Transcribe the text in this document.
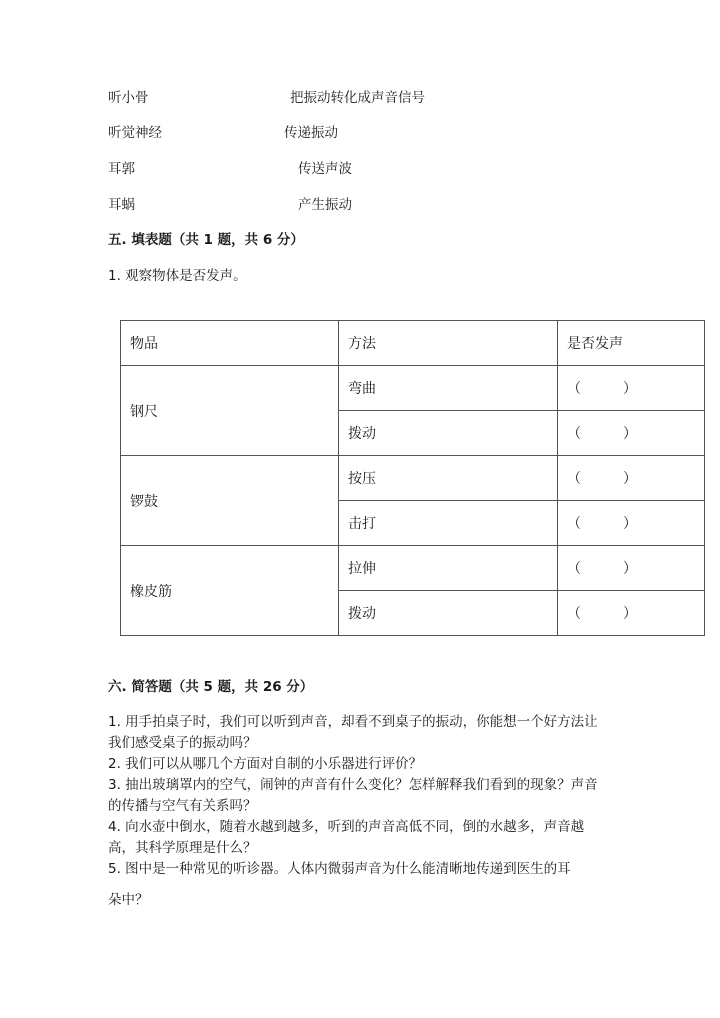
听小骨	把振动转化成声音信号
听觉神经	传递振动
耳郭	传送声波
耳蜗	产生振动
五. 填表题（共 1 题，共 6 分）
1. 观察物体是否发声。
物品	方法	是否发声
钢尺	弯曲	（　　　）
	拨动	（　　　）
锣鼓	按压	（　　　）
	击打	（　　　）
橡皮筋	拉伸	（　　　）
	拨动	（　　　）
六. 简答题（共 5 题，共 26 分）
1. 用手拍桌子时，我们可以听到声音，却看不到桌子的振动，你能想一个好方法让我们感受桌子的振动吗？
2. 我们可以从哪几个方面对自制的小乐器进行评价？
3. 抽出玻璃罩内的空气，闹钟的声音有什么变化？怎样解释我们看到的现象？声音的传播与空气有关系吗？
4. 向水壶中倒水，随着水越到越多，听到的声音高低不同，倒的水越多，声音越高，其科学原理是什么？
5. 图中是一种常见的听诊器。人体内微弱声音为什么能清晰地传递到医生的耳
朵中？
